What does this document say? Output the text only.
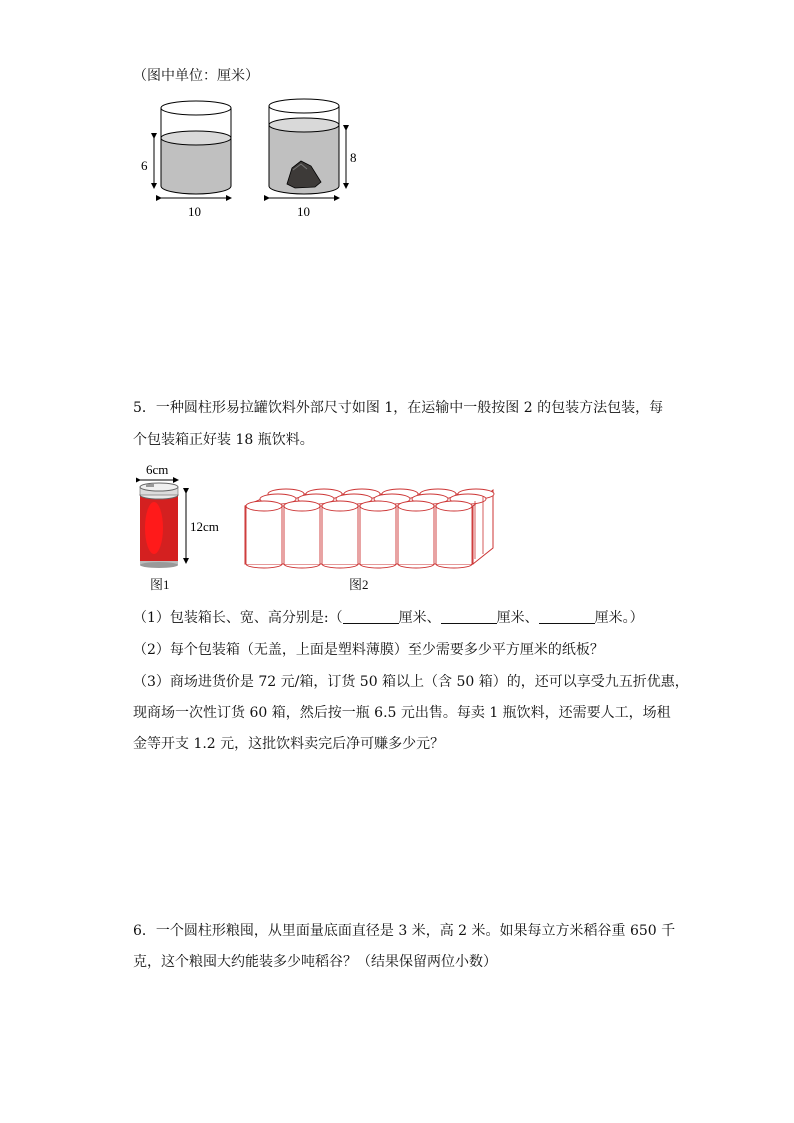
（图中单位：厘米）
6
10
8
10
5．一种圆柱形易拉罐饮料外部尺寸如图 1，在运输中一般按图 2 的包装方法包装，每
个包装箱正好装 18 瓶饮料。
6cm
12cm
图1	图2
（1）包装箱长、宽、高分别是:（	厘米、	厘米、	厘米。）
（2）每个包装箱（无盖，上面是塑料薄膜）至少需要多少平方厘米的纸板？
（3）商场进货价是 72 元/箱，订货 50 箱以上（含 50 箱）的，还可以享受九五折优惠，
现商场一次性订货 60 箱，然后按一瓶 6.5 元出售。每卖 1 瓶饮料，还需要人工，场租
金等开支 1.2 元，这批饮料卖完后净可赚多少元？
6．一个圆柱形粮囤，从里面量底面直径是 3 米，高 2 米。如果每立方米稻谷重 650 千
克，这个粮囤大约能装多少吨稻谷？（结果保留两位小数）
